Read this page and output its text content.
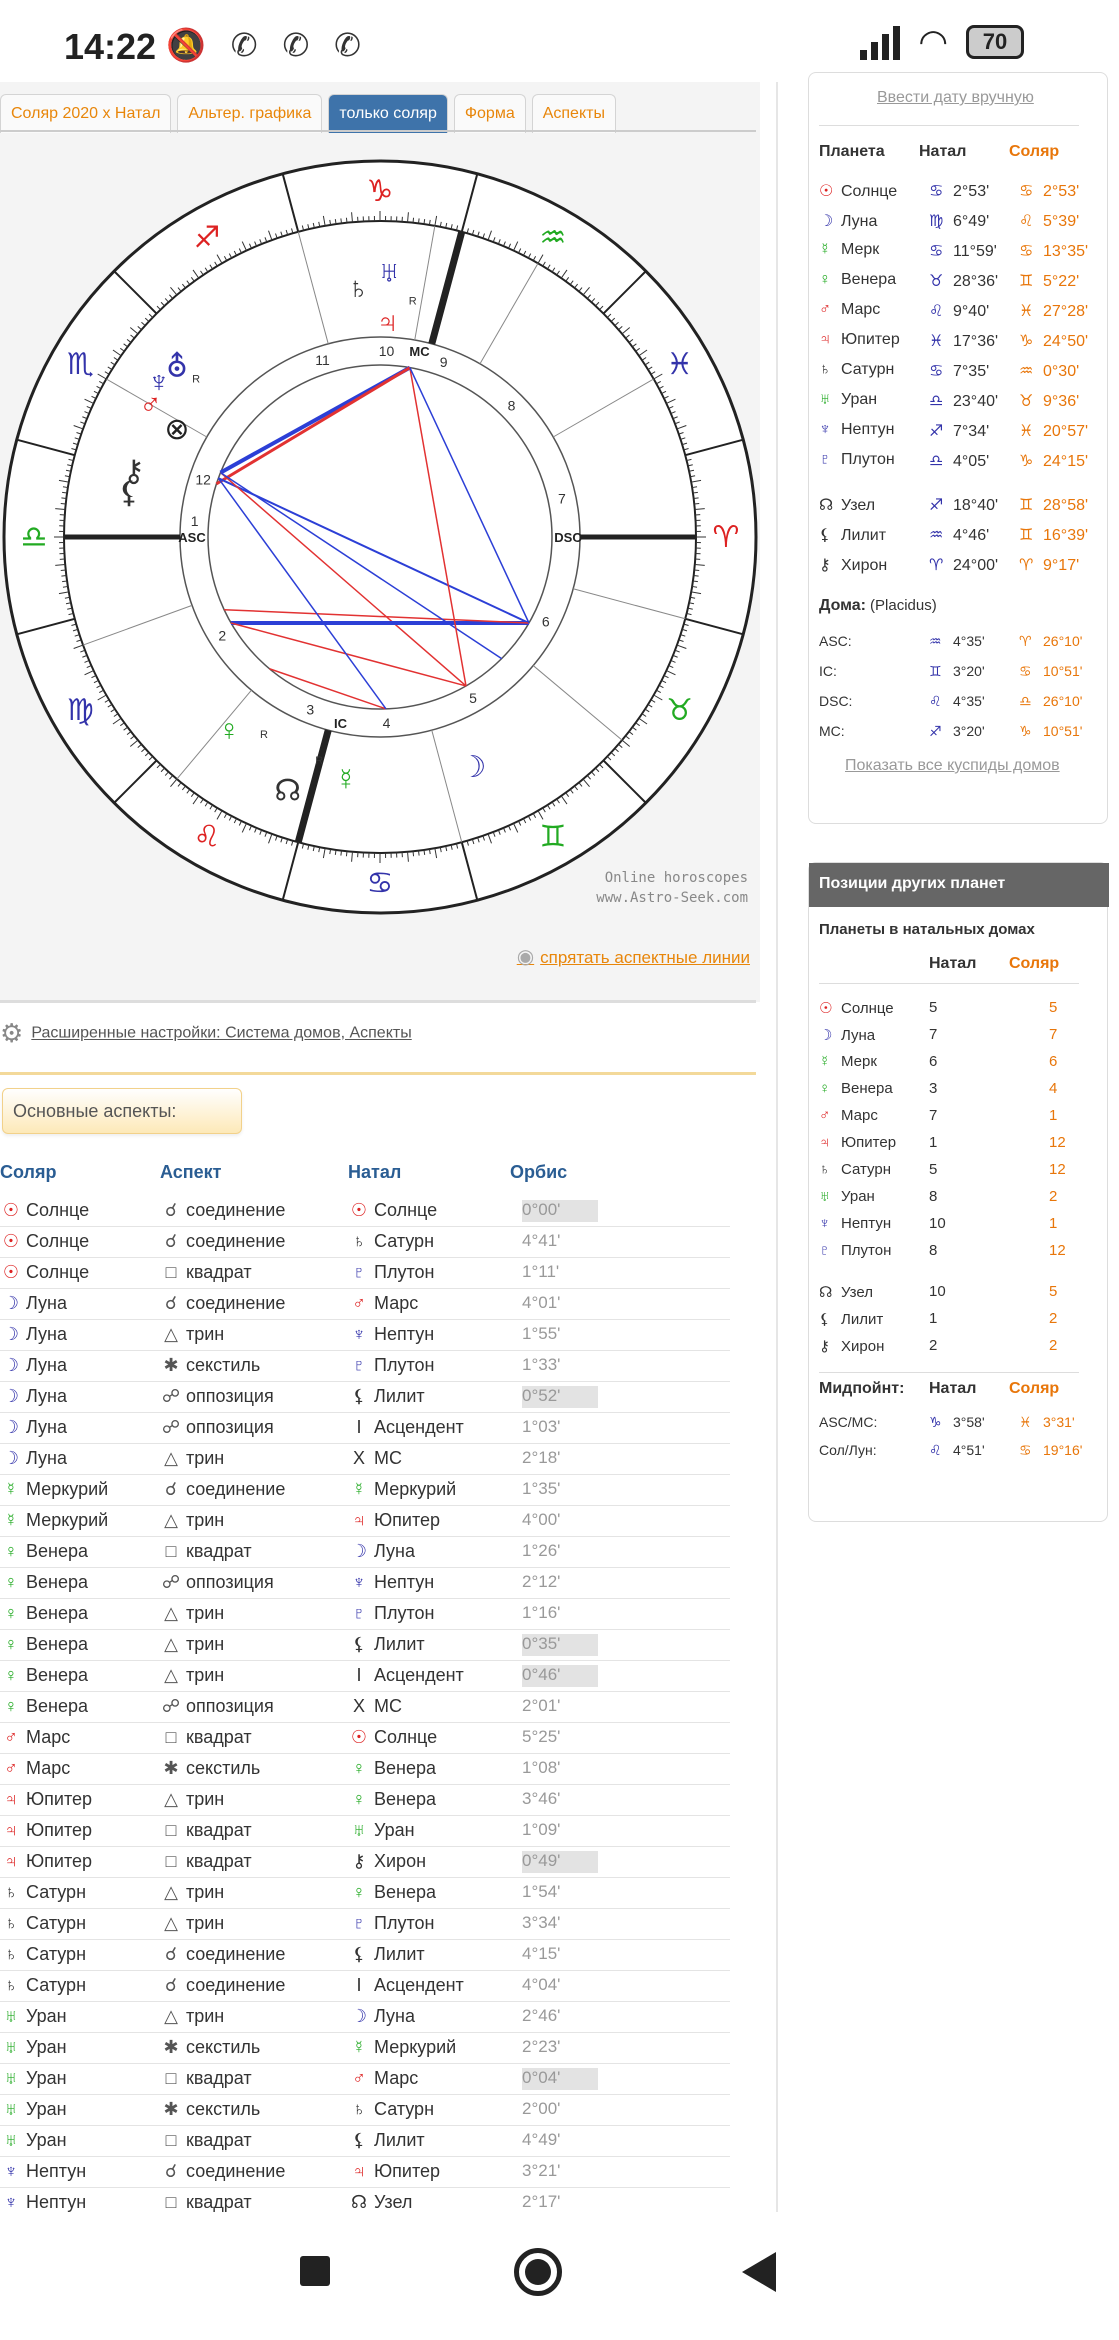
14:22 🔕 ✆ ✆ ✆	◠	70
Соляр 2020 x Натал	Альтер. графика	только соляр	Форма	Аспекты
♒
♑
♐
♏
♎
♍
♌
♋
♊
♉
♈
♓
1
2
3
4
5
6
7
8
9
10
11
12
ASC	DSC
MC
IC
♄ ♅
♃
⛢
♆
♂
⊗
⚷
⚸
☊
♀
☽
☿
R
R
R
R
Online horoscopes
www.Astro-Seek.com
◉ спрятать аспектные линии
⚙ Расширенные настройки: Система домов, Аспекты
Основные аспекты:
Соляр	Аспект	Натал	Орбис
☉ Солнце	☌ соединение	☉ Солнце	0°00'
☉ Солнце	☌ соединение	♄ Сатурн	4°41'
☉ Солнце	□ квадрат	♇ Плутон	1°11'
☽ Луна	☌ соединение	♂ Марс	4°01'
☽ Луна	△ трин	♆ Нептун	1°55'
☽ Луна	✱ секстиль	♇ Плутон	1°33'
☽ Луна	☍ оппозиция	⚸ Лилит	0°52'
☽ Луна	☍ оппозиция	I Асцендент	1°03'
☽ Луна	△ трин	X MC	2°18'
☿ Меркурий	☌ соединение	☿ Меркурий	1°35'
☿ Меркурий	△ трин	♃ Юпитер	4°00'
♀ Венера	□ квадрат	☽ Луна	1°26'
♀ Венера	☍ оппозиция	♆ Нептун	2°12'
♀ Венера	△ трин	♇ Плутон	1°16'
♀ Венера	△ трин	⚸ Лилит	0°35'
♀ Венера	△ трин	I Асцендент	0°46'
♀ Венера	☍ оппозиция	X MC	2°01'
♂ Марс	□ квадрат	☉ Солнце	5°25'
♂ Марс	✱ секстиль	♀ Венера	1°08'
♃ Юпитер	△ трин	♀ Венера	3°46'
♃ Юпитер	□ квадрат	♅ Уран	1°09'
♃ Юпитер	□ квадрат	⚷ Хирон	0°49'
♄ Сатурн	△ трин	♀ Венера	1°54'
♄ Сатурн	△ трин	♇ Плутон	3°34'
♄ Сатурн	☌ соединение	⚸ Лилит	4°15'
♄ Сатурн	☌ соединение	I Асцендент	4°04'
♅ Уран	△ трин	☽ Луна	2°46'
♅ Уран	✱ секстиль	☿ Меркурий	2°23'
♅ Уран	□ квадрат	♂ Марс	0°04'
♅ Уран	✱ секстиль	♄ Сатурн	2°00'
♅ Уран	□ квадрат	⚸ Лилит	4°49'
♆ Нептун	☌ соединение	♃ Юпитер	3°21'
♆ Нептун	□ квадрат	☊ Узел	2°17'
Ввести дату вручную
Планета Натал	Соляр
☉ Солнце ♋ 2°53' ♋ 2°53'
☽ Луна	♍ 6°49' ♌ 5°39'
☿ Мерк	♋ 11°59' ♋ 13°35'
♀ Венера ♉ 28°36' ♊ 5°22'
♂ Марс	♌ 9°40' ♓ 27°28'
♃ Юпитер ♓ 17°36' ♑ 24°50'
♄ Сатурн ♋ 7°35' ♒ 0°30'
♅ Уран	♎ 23°40' ♉ 9°36'
♆ Нептун ♐ 7°34' ♓ 20°57'
♇ Плутон ♎ 4°05' ♑ 24°15'
☊ Узел	♐ 18°40' ♊ 28°58'
⚸ Лилит	♒ 4°46' ♊ 16°39'
⚷ Хирон	♈ 24°00' ♈ 9°17'
Дома: (Placidus)
ASC:	♒ 4°35' ♈ 26°10'
IC:	♊ 3°20' ♋ 10°51'
DSC:	♌ 4°35' ♎ 26°10'
MC:	♐ 3°20' ♑ 10°51'
Показать все куспиды домов
Позиции других планет
Планеты в натальных домах
Натал Соляр
☉ Солнце 5	5
☽ Луна	7	7
☿ Мерк	6	6
♀ Венера 3	4
♂ Марс	7	1
♃ Юпитер 1	12
♄ Сатурн	5	12
♅ Уран	8	2
♆ Нептун	10	1
♇ Плутон	8	12
☊ Узел	10	5
⚸ Лилит	1	2
⚷ Хирон	2	2
Мидпойнт: Натал Соляр
ASC/MC:	♑ 3°58' ♓ 3°31'
Сол/Лун:	♌ 4°51' ♋ 19°16'
